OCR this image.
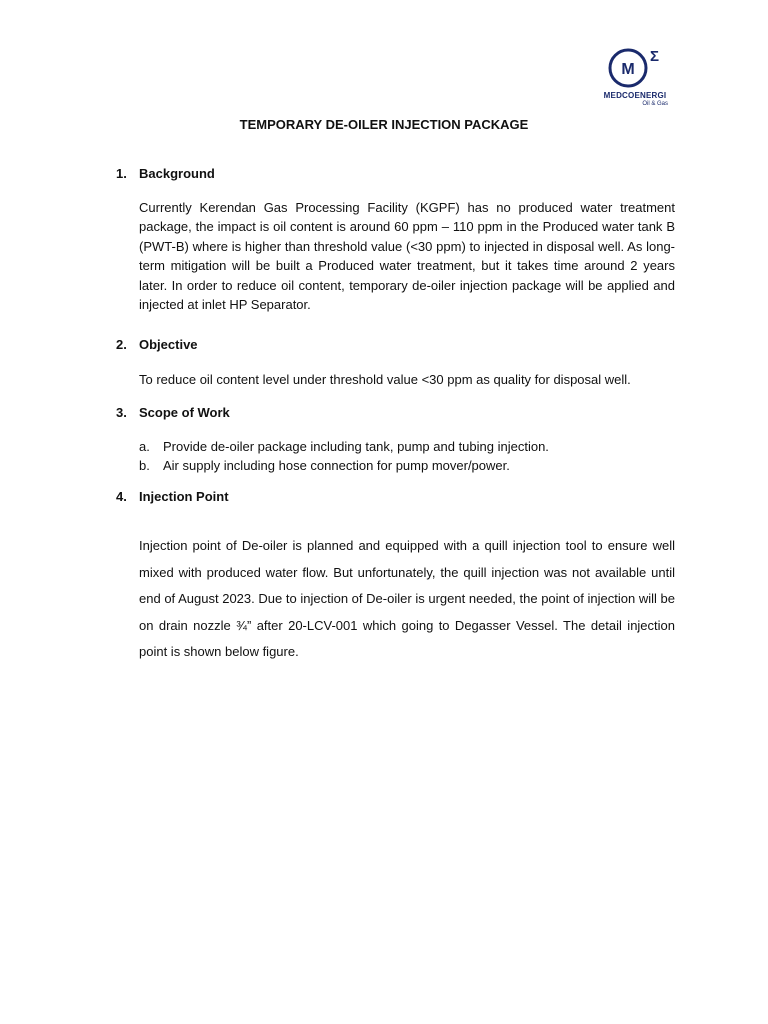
M
Σ
MEDCOENERGI
Oil & Gas
TEMPORARY DE-OILER INJECTION PACKAGE
1. Background
Currently Kerendan Gas Processing Facility (KGPF) has no produced water treatment package, the impact is oil content is around 60 ppm – 110 ppm in the Produced water tank B (PWT-B) where is higher than threshold value (<30 ppm) to injected in disposal well. As long-term mitigation will be built a Produced water treatment, but it takes time around 2 years later. In order to reduce oil content, temporary de-oiler injection package will be applied and injected at inlet HP Separator.
2. Objective
To reduce oil content level under threshold value <30 ppm as quality for disposal well.
3. Scope of Work
a. Provide de-oiler package including tank, pump and tubing injection.
b. Air supply including hose connection for pump mover/power.
4. Injection Point
Injection point of De-oiler is planned and equipped with a quill injection tool to ensure well mixed with produced water flow. But unfortunately, the quill injection was not available until end of August 2023. Due to injection of De-oiler is urgent needed, the point of injection will be on drain nozzle ¾” after 20-LCV-001 which going to Degasser Vessel. The detail injection point is shown below figure.
